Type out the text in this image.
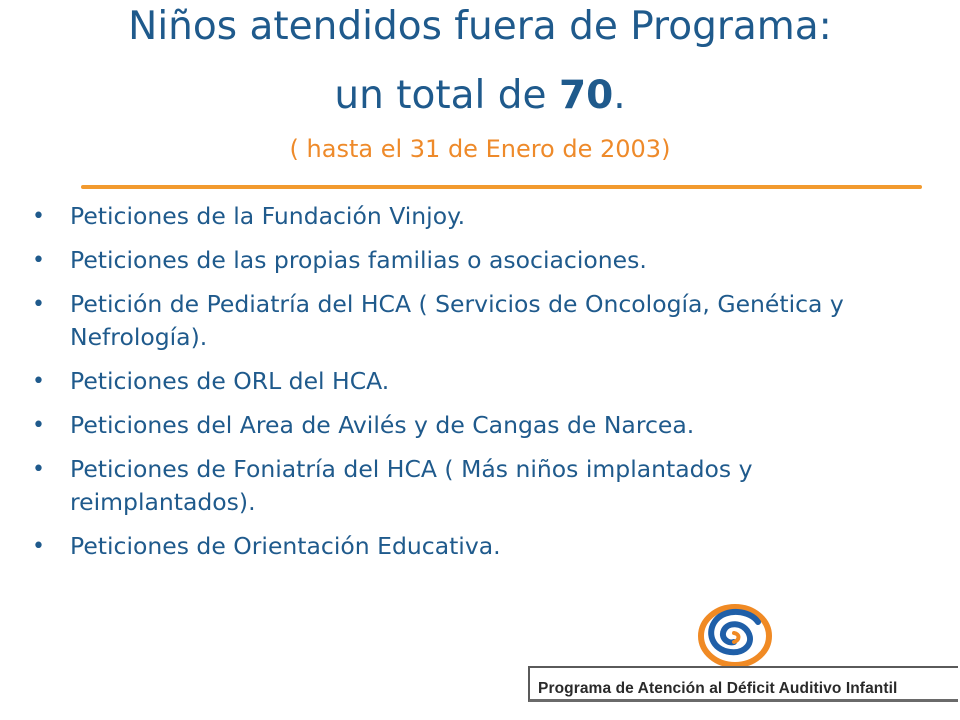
Niños atendidos fuera de Programa:
un total de 70.
( hasta el 31 de Enero de 2003)
• Peticiones de la Fundación Vinjoy.
• Peticiones de las propias familias o asociaciones.
• Petición de Pediatría del HCA ( Servicios de Oncología, Genética y Nefrología).
• Peticiones de ORL del HCA.
• Peticiones del Area de Avilés y de Cangas de Narcea.
• Peticiones de Foniatría del HCA ( Más niños implantados y reimplantados).
• Peticiones de Orientación Educativa.
Programa de Atención al Déficit Auditivo Infantil
